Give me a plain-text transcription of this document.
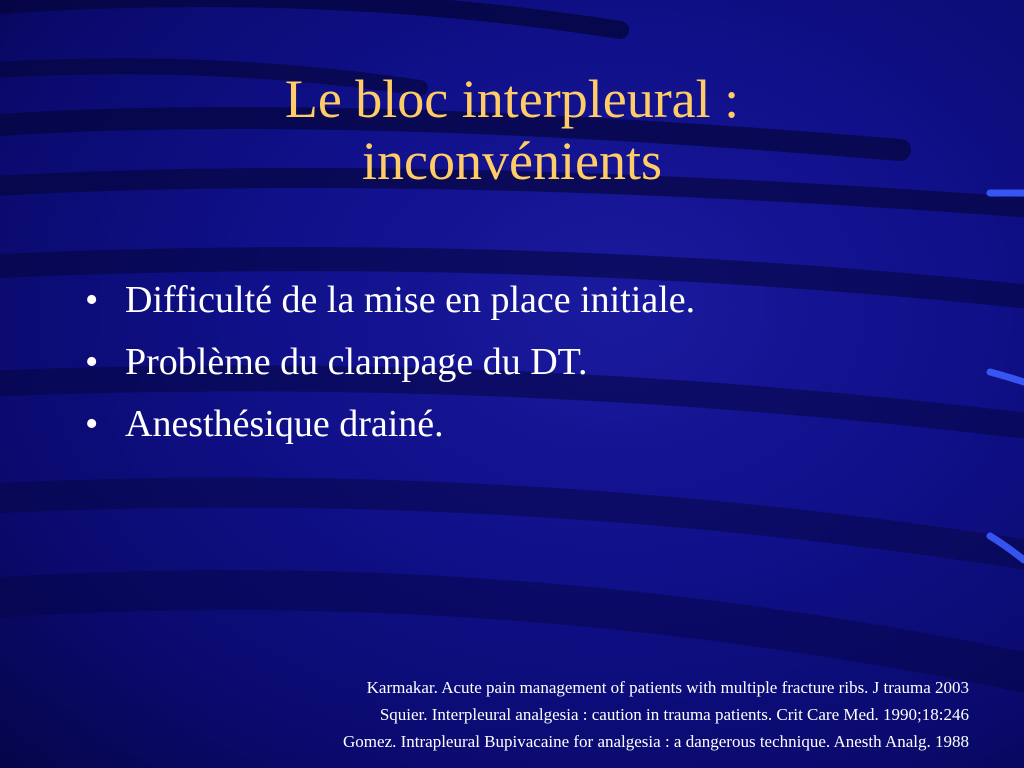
Le bloc interpleural :
inconvénients
• Difficulté de la mise en place initiale.
• Problème du clampage du DT.
• Anesthésique drainé.
Karmakar. Acute pain management of patients with multiple fracture ribs. J trauma 2003
Squier. Interpleural analgesia : caution in trauma patients. Crit Care Med. 1990;18:246
Gomez. Intrapleural Bupivacaine for analgesia : a dangerous technique. Anesth Analg. 1988
